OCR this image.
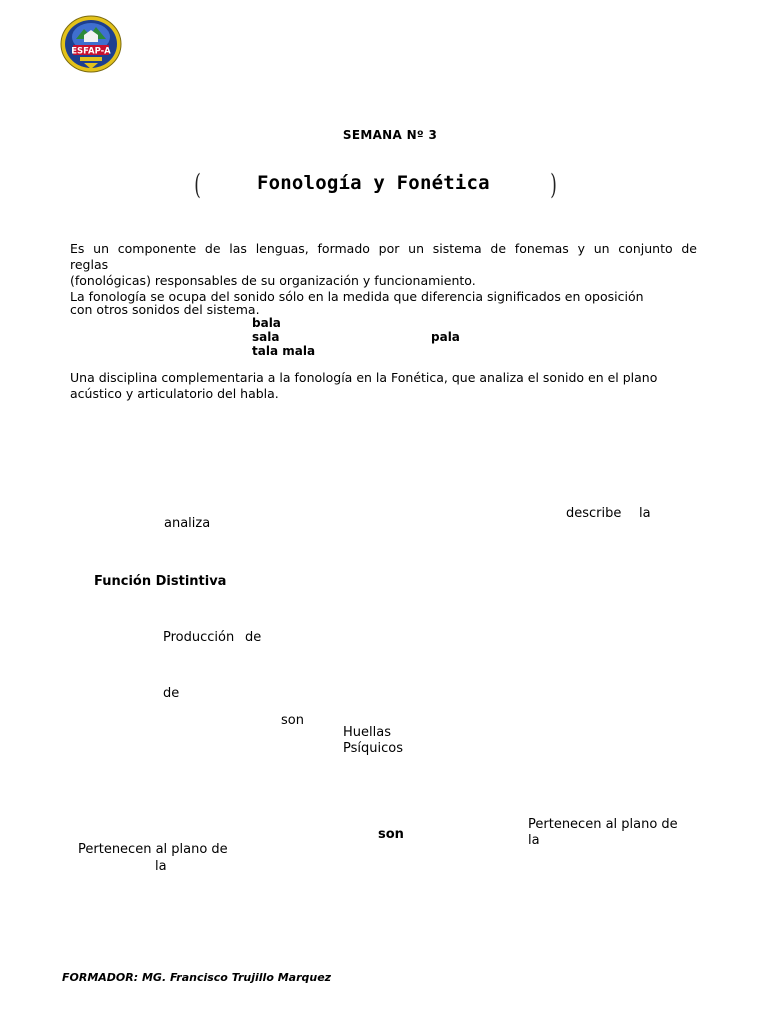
ESFAP-A
SEMANA Nº 3
(	Fonología y Fonética )
Es un componente de las lenguas, formado por un sistema de fonemas y un conjunto de
reglas
(fonológicas) responsables de su organización y funcionamiento.
La fonología se ocupa del sonido sólo en la medida que diferencia significados en oposición
con otros sonidos del sistema.
bala
sala	pala
tala mala
Una disciplina complementaria a la fonología en la Fonética, que analiza el sonido en el plano
acústico y articulatorio del habla.
describe la
analiza
Función Distintiva
Producción de
de
son
Huellas
Psíquicos
Pertenecen al plano de
la
son
Pertenecen al plano de
la
FORMADOR: MG. Francisco Trujillo Marquez
